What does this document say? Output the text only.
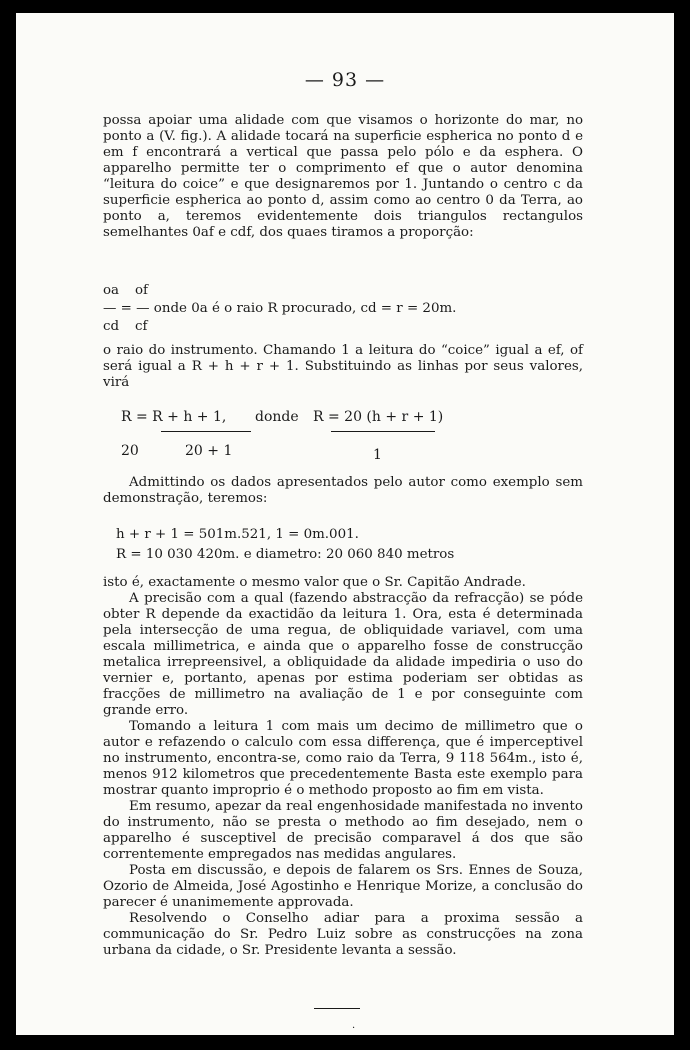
— 93 —

possa apoiar uma alidade com que visamos o horizonte do mar, no ponto a (V. fig.). A alidade tocará na superficie espherica no ponto d e em f encontrará a vertical que passa pelo pólo e da esphera. O apparelho permitte ter o comprimento ef que o autor denomina “leitura do coice” e que designaremos por 1. Juntando o centro c da superficie espherica ao ponto d, assim como ao centro 0 da Terra, ao ponto a, teremos evidentemente dois triangulos rectangulos semelhantes 0af e cdf, dos quaes tiramos a proporção:

oa of
— = — onde 0a é o raio R procurado, cd = r = 20m.
cd cf
o raio do instrumento. Chamando 1 a leitura do “coice” igual a ef, of será igual a R + h + r + 1. Substituindo as linhas por seus valores, virá
R = R + h + 1, donde R = 20 (h + r + 1)
20	20 + 1	1
Admittindo os dados apresentados pelo autor como exemplo sem demonstração, teremos:
h + r + 1 = 501m.521, 1 = 0m.001.
R = 10 030 420m. e diametro: 20 060 840 metros

isto é, exactamente o mesmo valor que o Sr. Capitão Andrade.

A precisão com a qual (fazendo abstracção da refracção) se póde obter R depende da exactidão da leitura 1. Ora, esta é determinada pela intersecção de uma regua, de obliquidade variavel, com uma escala millimetrica, e ainda que o apparelho fosse de construcção metalica irrepreensivel, a obliquidade da alidade impediria o uso do vernier e, portanto, apenas por estima poderiam ser obtidas as fracções de millimetro na avaliação de 1 e por conseguinte com grande erro.

Tomando a leitura 1 com mais um decimo de millimetro que o autor e refazendo o calculo com essa differença, que é imperceptivel no instrumento, encontra-se, como raio da Terra, 9 118 564m., isto é, menos 912 kilometros que precedentemente Basta este exemplo para mostrar quanto improprio é o methodo proposto ao fim em vista.

Em resumo, apezar da real engenhosidade manifestada no invento do instrumento, não se presta o methodo ao fim desejado, nem o apparelho é susceptivel de precisão comparavel á dos que são correntemente empregados nas medidas angulares.

Posta em discussão, e depois de falarem os Srs. Ennes de Souza, Ozorio de Almeida, José Agostinho e Henrique Morize, a conclusão do parecer é unanimemente approvada.

Resolvendo o Conselho adiar para a proxima sessão a communicação do Sr. Pedro Luiz sobre as construcções na zona urbana da cidade, o Sr. Presidente levanta a sessão.

·
